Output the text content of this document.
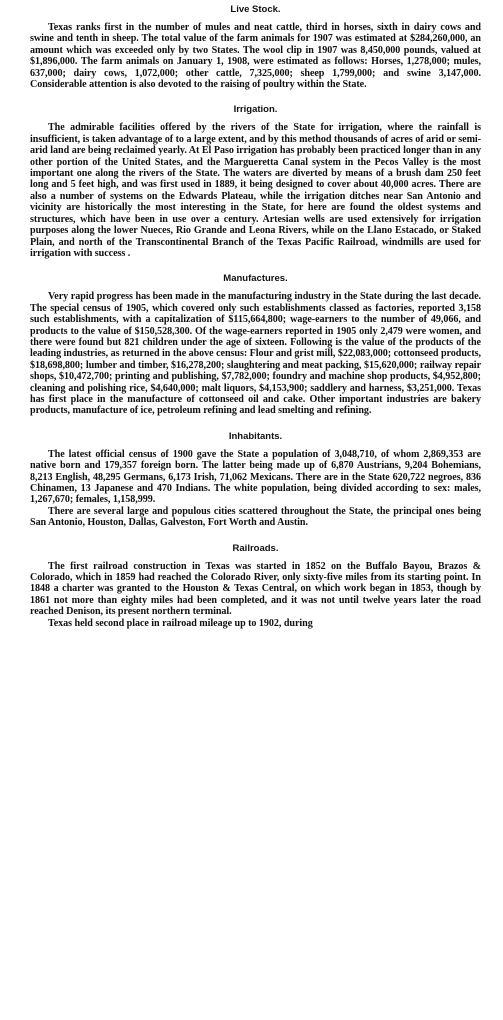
Live Stock.

Texas ranks first in the number of mules and neat cattle, third in horses, sixth in dairy cows and swine and tenth in sheep. The total value of the farm animals for 1907 was estimated at $284,260,000, an amount which was exceeded only by two States. The wool clip in 1907 was 8,450,000 pounds, valued at $1,896,000. The farm animals on January 1, 1908, were estimated as follows: Horses, 1,278,000; mules, 637,000; dairy cows, 1,072,000; other cattle, 7,325,000; sheep 1,799,000; and swine 3,147,000. Considerable attention is also devoted to the raising of poultry within the State.

Irrigation.

The admirable facilities offered by the rivers of the State for irrigation, where the rainfall is insufficient, is taken advantage of to a large extent, and by this method thousands of acres of arid or semi-arid land are being reclaimed yearly. At El Paso irrigation has probably been practiced longer than in any other portion of the United States, and the Margueretta Canal system in the Pecos Valley is the most important one along the rivers of the State. The waters are diverted by means of a brush dam 250 feet long and 5 feet high, and was first used in 1889, it being designed to cover about 40,000 acres. There are also a number of systems on the Edwards Plateau, while the irrigation ditches near San Antonio and vicinity are historically the most interesting in the State, for here are found the oldest systems and structures, which have been in use over a century. Artesian wells are used extensively for irrigation purposes along the lower Nueces, Rio Grande and Leona Rivers, while on the Llano Estacado, or Staked Plain, and north of the Transcontinental Branch of the Texas Pacific Railroad, windmills are used for irrigation with success .

Manufactures.

Very rapid progress has been made in the manufacturing industry in the State during the last decade. The special census of 1905, which covered only such establishments classed as factories, reported 3,158 such establishments, with a capitalization of $115,664,800; wage-earners to the number of 49,066, and products to the value of $150,528,300. Of the wage-earners reported in 1905 only 2,479 were women, and there were found but 821 children under the age of sixteen. Following is the value of the products of the leading industries, as returned in the above census: Flour and grist mill, $22,083,000; cottonseed products, $18,698,800; lumber and timber, $16,278,200; slaughtering and meat packing, $15,620,000; railway repair shops, $10,472,700; printing and publishing, $7,782,000; foundry and machine shop products, $4,952,800; cleaning and polishing rice, $4,640,000; malt liquors, $4,153,900; saddlery and harness, $3,251,000. Texas has first place in the manufacture of cottonseed oil and cake. Other important industries are bakery products, manufacture of ice, petroleum refining and lead smelting and refining.

Inhabitants.

The latest official census of 1900 gave the State a population of 3,048,710, of whom 2,869,353 are native born and 179,357 foreign born. The latter being made up of 6,870 Austrians, 9,204 Bohemians, 8,213 English, 48,295 Germans, 6,173 Irish, 71,062 Mexicans. There are in the State 620,722 negroes, 836 Chinamen, 13 Japanese and 470 Indians. The white population, being divided according to sex: males, 1,267,670; females, 1,158,999.

There are several large and populous cities scattered throughout the State, the principal ones being San Antonio, Houston, Dallas, Galveston, Fort Worth and Austin.

Railroads.

The first railroad construction in Texas was started in 1852 on the Buffalo Bayou, Brazos & Colorado, which in 1859 had reached the Colorado River, only sixty-five miles from its starting point. In 1848 a charter was granted to the Houston & Texas Central, on which work began in 1853, though by 1861 not more than eighty miles had been completed, and it was not until twelve years later the road reached Denison, its present northern terminal.

Texas held second place in railroad mileage up to 1902, during
